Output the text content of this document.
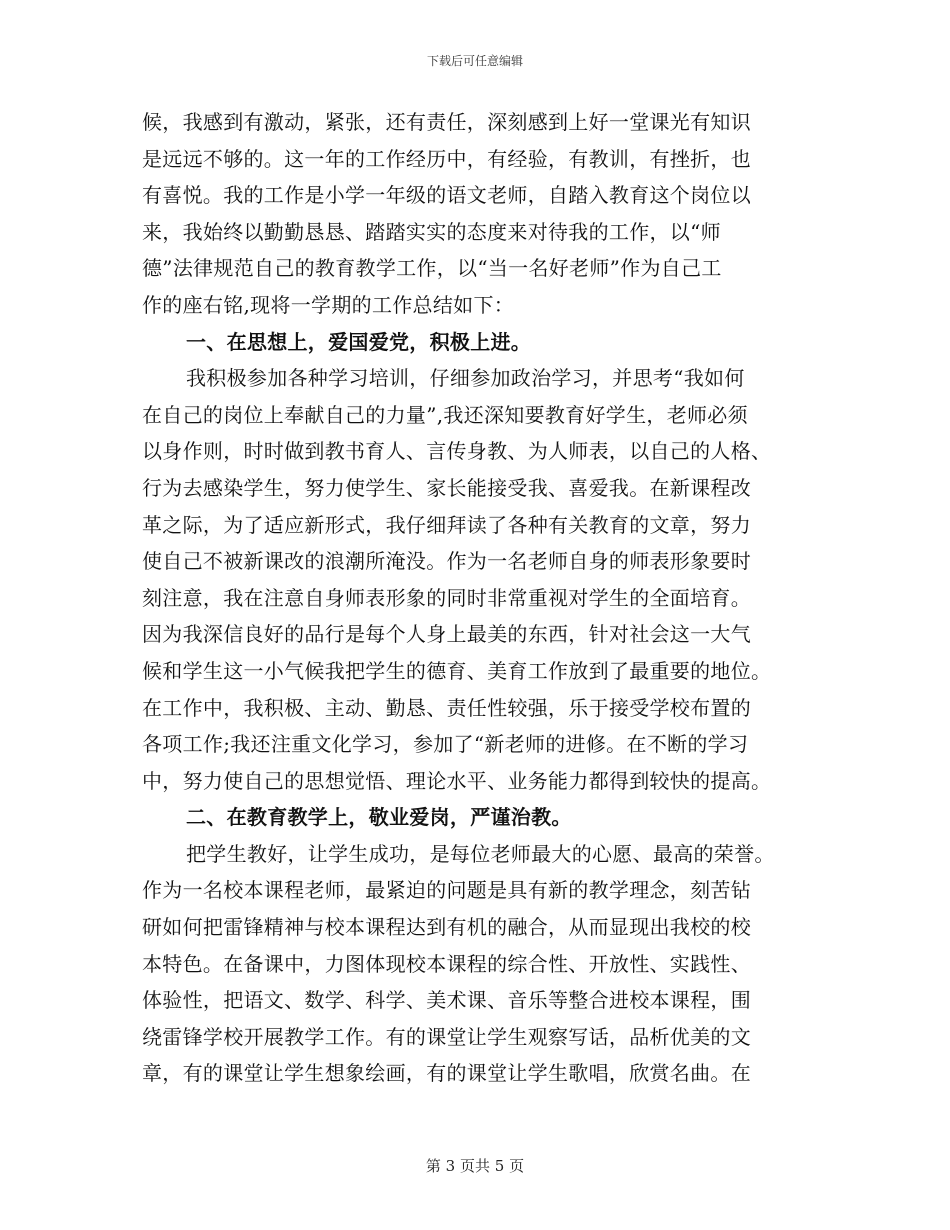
下载后可任意编辑
候，我感到有激动，紧张，还有责任，深刻感到上好一堂课光有知识
是远远不够的。这一年的工作经历中，有经验，有教训，有挫折，也
有喜悦。我的工作是小学一年级的语文老师，自踏入教育这个岗位以
来，我始终以勤勤恳恳、踏踏实实的态度来对待我的工作，以“师
德”法律规范自己的教育教学工作，以“当一名好老师”作为自己工
作的座右铭,现将一学期的工作总结如下：
一、在思想上，爱国爱党，积极上进。
我积极参加各种学习培训，仔细参加政治学习，并思考“我如何
在自己的岗位上奉献自己的力量”,我还深知要教育好学生，老师必须
以身作则，时时做到教书育人、言传身教、为人师表，以自己的人格、
行为去感染学生，努力使学生、家长能接受我、喜爱我。在新课程改
革之际，为了适应新形式，我仔细拜读了各种有关教育的文章，努力
使自己不被新课改的浪潮所淹没。作为一名老师自身的师表形象要时
刻注意，我在注意自身师表形象的同时非常重视对学生的全面培育。
因为我深信良好的品行是每个人身上最美的东西，针对社会这一大气
候和学生这一小气候我把学生的德育、美育工作放到了最重要的地位。
在工作中，我积极、主动、勤恳、责任性较强，乐于接受学校布置的
各项工作;我还注重文化学习，参加了“新老师的进修。在不断的学习
中，努力使自己的思想觉悟、理论水平、业务能力都得到较快的提高。
二、在教育教学上，敬业爱岗，严谨治教。
把学生教好，让学生成功，是每位老师最大的心愿、最高的荣誉。
作为一名校本课程老师，最紧迫的问题是具有新的教学理念，刻苦钻
研如何把雷锋精神与校本课程达到有机的融合，从而显现出我校的校
本特色。在备课中，力图体现校本课程的综合性、开放性、实践性、
体验性，把语文、数学、科学、美术课、音乐等整合进校本课程，围
绕雷锋学校开展教学工作。有的课堂让学生观察写话，品析优美的文
章，有的课堂让学生想象绘画，有的课堂让学生歌唱，欣赏名曲。在
第 3 页共 5 页
